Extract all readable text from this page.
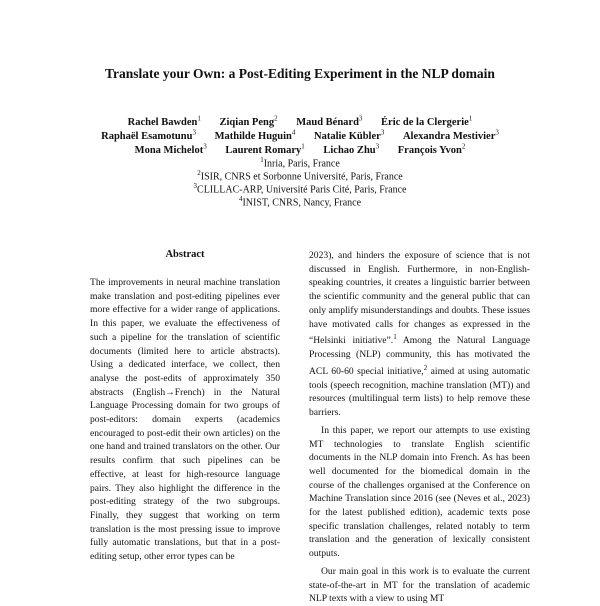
Translate your Own: a Post-Editing Experiment in the NLP domain
Rachel Bawden$^1$ Ziqian Peng$^2$ Maud Bénard$^3$ Éric de la Clergerie$^1$
Raphaël Esamotunu$^3$ Mathilde Huguin$^4$ Natalie Kübler$^3$ Alexandra Mestivier$^3$
Mona Michelot$^3$ Laurent Romary$^1$ Lichao Zhu$^3$ François Yvon$^2$
$^1$Inria, Paris, France
$^2$ISIR, CNRS et Sorbonne Université, Paris, France
$^3$CLILLAC-ARP, Université Paris Cité, Paris, France
$^4$INIST, CNRS, Nancy, France
Abstract

The improvements in neural machine translation make translation and post-editing pipelines ever more effective for a wider range of applications. In this paper, we evaluate the effectiveness of such a pipeline for the translation of scientific documents (limited here to article abstracts). Using a dedicated interface, we collect, then analyse the post-edits of approximately 350 abstracts (English→French) in the Natural Language Processing domain for two groups of post-editors: domain experts (academics encouraged to post-edit their own articles) on the one hand and trained translators on the other. Our results confirm that such pipelines can be effective, at least for high-resource language pairs. They also highlight the difference in the post-editing strategy of the two subgroups. Finally, they suggest that working on term translation is the most pressing issue to improve fully automatic translations, but that in a post-editing setup, other error types can be

2023), and hinders the exposure of science that is not discussed in English. Furthermore, in non-English-speaking countries, it creates a linguistic barrier between the scientific community and the general public that can only amplify misunderstandings and doubts. These issues have motivated calls for changes as expressed in the “Helsinki initiative”.$^1$ Among the Natural Language Processing (NLP) community, this has motivated the ACL 60-60 special initiative,$^2$ aimed at using automatic tools (speech recognition, machine translation (MT)) and resources (multilingual term lists) to help remove these barriers.

In this paper, we report our attempts to use existing MT technologies to translate English scientific documents in the NLP domain into French. As has been well documented for the biomedical domain in the course of the challenges organised at the Conference on Machine Translation since 2016 (see (Neves et al., 2023) for the latest published edition), academic texts pose specific translation challenges, related notably to term translation and the generation of lexically consistent outputs.

Our main goal in this work is to evaluate the current state-of-the-art in MT for the translation of academic NLP texts with a view to using MT
